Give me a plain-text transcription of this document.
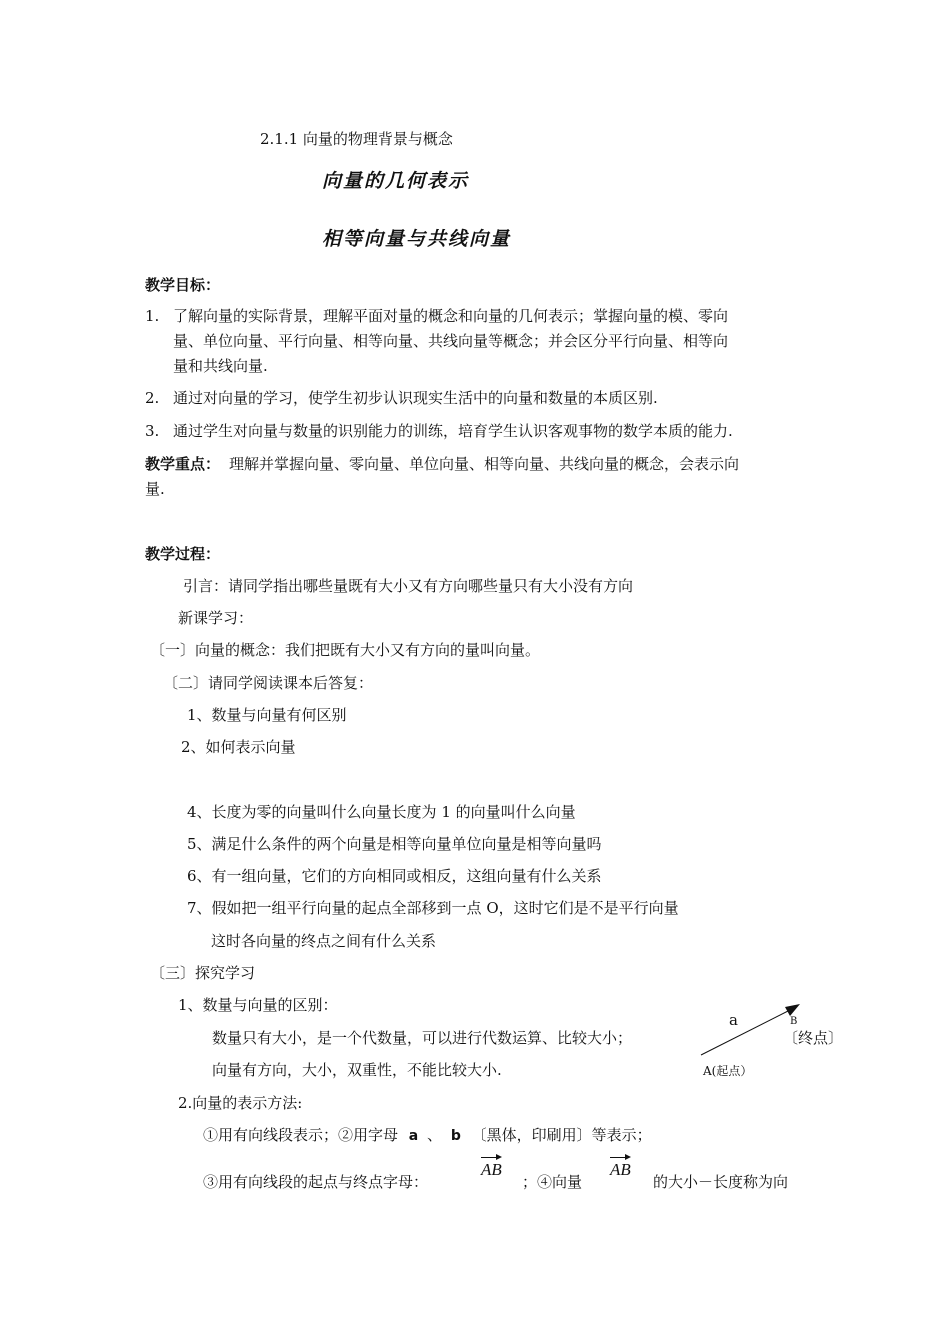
2.1.1 向量的物理背景与概念
向量的几何表示
相等向量与共线向量
教学目标：
1. 了解向量的实际背景，理解平面对量的概念和向量的几何表示；掌握向量的模、零向
量、单位向量、平行向量、相等向量、共线向量等概念；并会区分平行向量、相等向
量和共线向量.
2. 通过对向量的学习，使学生初步认识现实生活中的向量和数量的本质区别.
3. 通过学生对向量与数量的识别能力的训练，培育学生认识客观事物的数学本质的能力.
教学重点： 理解并掌握向量、零向量、单位向量、相等向量、共线向量的概念，会表示向
量.
教学过程：
引言：请同学指出哪些量既有大小又有方向哪些量只有大小没有方向
新课学习：
〔一〕向量的概念：我们把既有大小又有方向的量叫向量。
〔二〕请同学阅读课本后答复：
1、数量与向量有何区别
2、如何表示向量
4、长度为零的向量叫什么向量长度为 1 的向量叫什么向量
5、满足什么条件的两个向量是相等向量单位向量是相等向量吗
6、有一组向量，它们的方向相同或相反，这组向量有什么关系
7、假如把一组平行向量的起点全部移到一点 O，这时它们是不是平行向量
这时各向量的终点之间有什么关系
〔三〕探究学习
1、数量与向量的区别：
数量只有大小，是一个代数量，可以进行代数运算、比较大小；
向量有方向，大小，双重性，不能比较大小.
2.向量的表示方法:
①用有向线段表示；②用字母 a 、 b 〔黑体，印刷用〕等表示；
③用有向线段的起点与终点字母：
AB
；④向量
AB
的大小－长度称为向
a	B
〔终点〕
A(起点）
